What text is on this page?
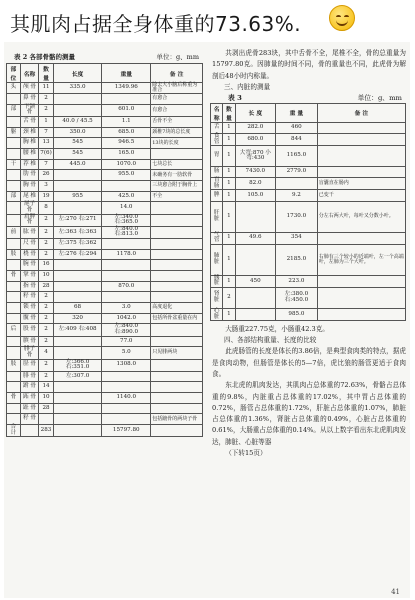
其肌肉占据全身体重的73.63%.
表 2 各部骨骼的测量	单位：g、mm
部位	名称	数量	长度	重量	备 注
头	颅 骨	11	335.0	1349.96	除去大小脑后称重为准合
	鼻 骨	2			有愈合
部	下颌骨	2		601.0	有愈合
	舌 骨	1	40.0 / 45.5	1.1	舌骨不全
躯	颈 椎	7	350.0	685.0	颈椎7块的总长度
	胸 椎	13	545	946.5	13块的长度
	腰 椎	7(6)	545	165.0	
干	荐 椎	7	445.0	1070.0	七块总长
	肋 骨	26		955.0	未确务有一肋软骨
	胸 骨	3			三块愈合附于胸骨上
部	尾 椎	19	955	425.0	不全
	尾子骨	8		14.0	
	肩胛骨	2	左:270 右:271	左:340.0 右:365.0	
前	肱 骨	2	左:363 右:363	左:840.0 右:813.0	
	尺 骨	2	左:375 右:362		
肢	桡 骨	2	左:276 右:294	1178.0	
	腕 骨	16			
骨	掌 骨	10			
	指 骨	28		870.0	
	籽 骨	2			
	锁 骨	2	68	3.0	高度退化
	髋 骨	2	320	1042.0	包括所骨盆重量在内
后	股 骨	2	左:409 右:408	左:840.0 右:890.0	
	膑 骨	2		77.0	
	腓子骨	4		5.0	只见腓两块
肢	胫 骨	2	左:366.0 右:351.0	1308.0	
	腓 骨	2	左:307.0		
	跗 骨	14			
骨	跖 骨	10		1140.0	
	趾 骨	28			
	籽 骨				包括蹠骨的两块子骨
合计		283		15797.80	
共剥出虎骨283块，其中舌骨不全，尾椎不全，骨的总重量为15797.80克。因肺量的时间不同，骨的重量也不同，此虎骨为解剖后48小时内称量。
三、内脏的测量
表 3	单位：g、mm
名称	数量	长 度	重 量	备 注
舌	1	282.0	460	
食管	1	680.0	844	
胃	1	大弯:870 小弯:430	1165.0	
肠	1	7430.0	2779.0	
盲肠	1	82.0		盲囊直在肠内
脾	1	105.0	9.2	已变干
肝脏	1		1730.0	分左右两大叶，每叶又分数小叶。
气管	1	49.6	354	
肺脏	1		2185.0	右肺有三个较小的近端叶，左一个高端叶，左肺为三个大叶。
胰脏	1	450	223.0	
肾脏	2		左:380.0 右:450.0	
心脏	1		985.0	
大肠重227.75克，小肠重42.3克。
四、各部结构重量、长度的比较
此虎肠管的长度是体长的3.86倍，是典型食肉类的特点，据虎是食肉动物，但肠管是体长的5—7倍，虎比狼的肠管更适于食肉食。
东北虎的肌肉发达，其肌肉占总体重的72.63%，骨骼占总体重的9.8%，内脏重占总体重的17.02%，其中胃占总体重的0.72%，肠管占总体重的1.72%，肝脏占总体重的1.07%，肺脏占总体重的1.36%，肾脏占总体重的0.49%，心脏占总体重的0.61%，大肠重占总体重的0.14%。从以上数字看出东北虎肌肉发达，肺脏、心脏等器
（下转15页）
41
